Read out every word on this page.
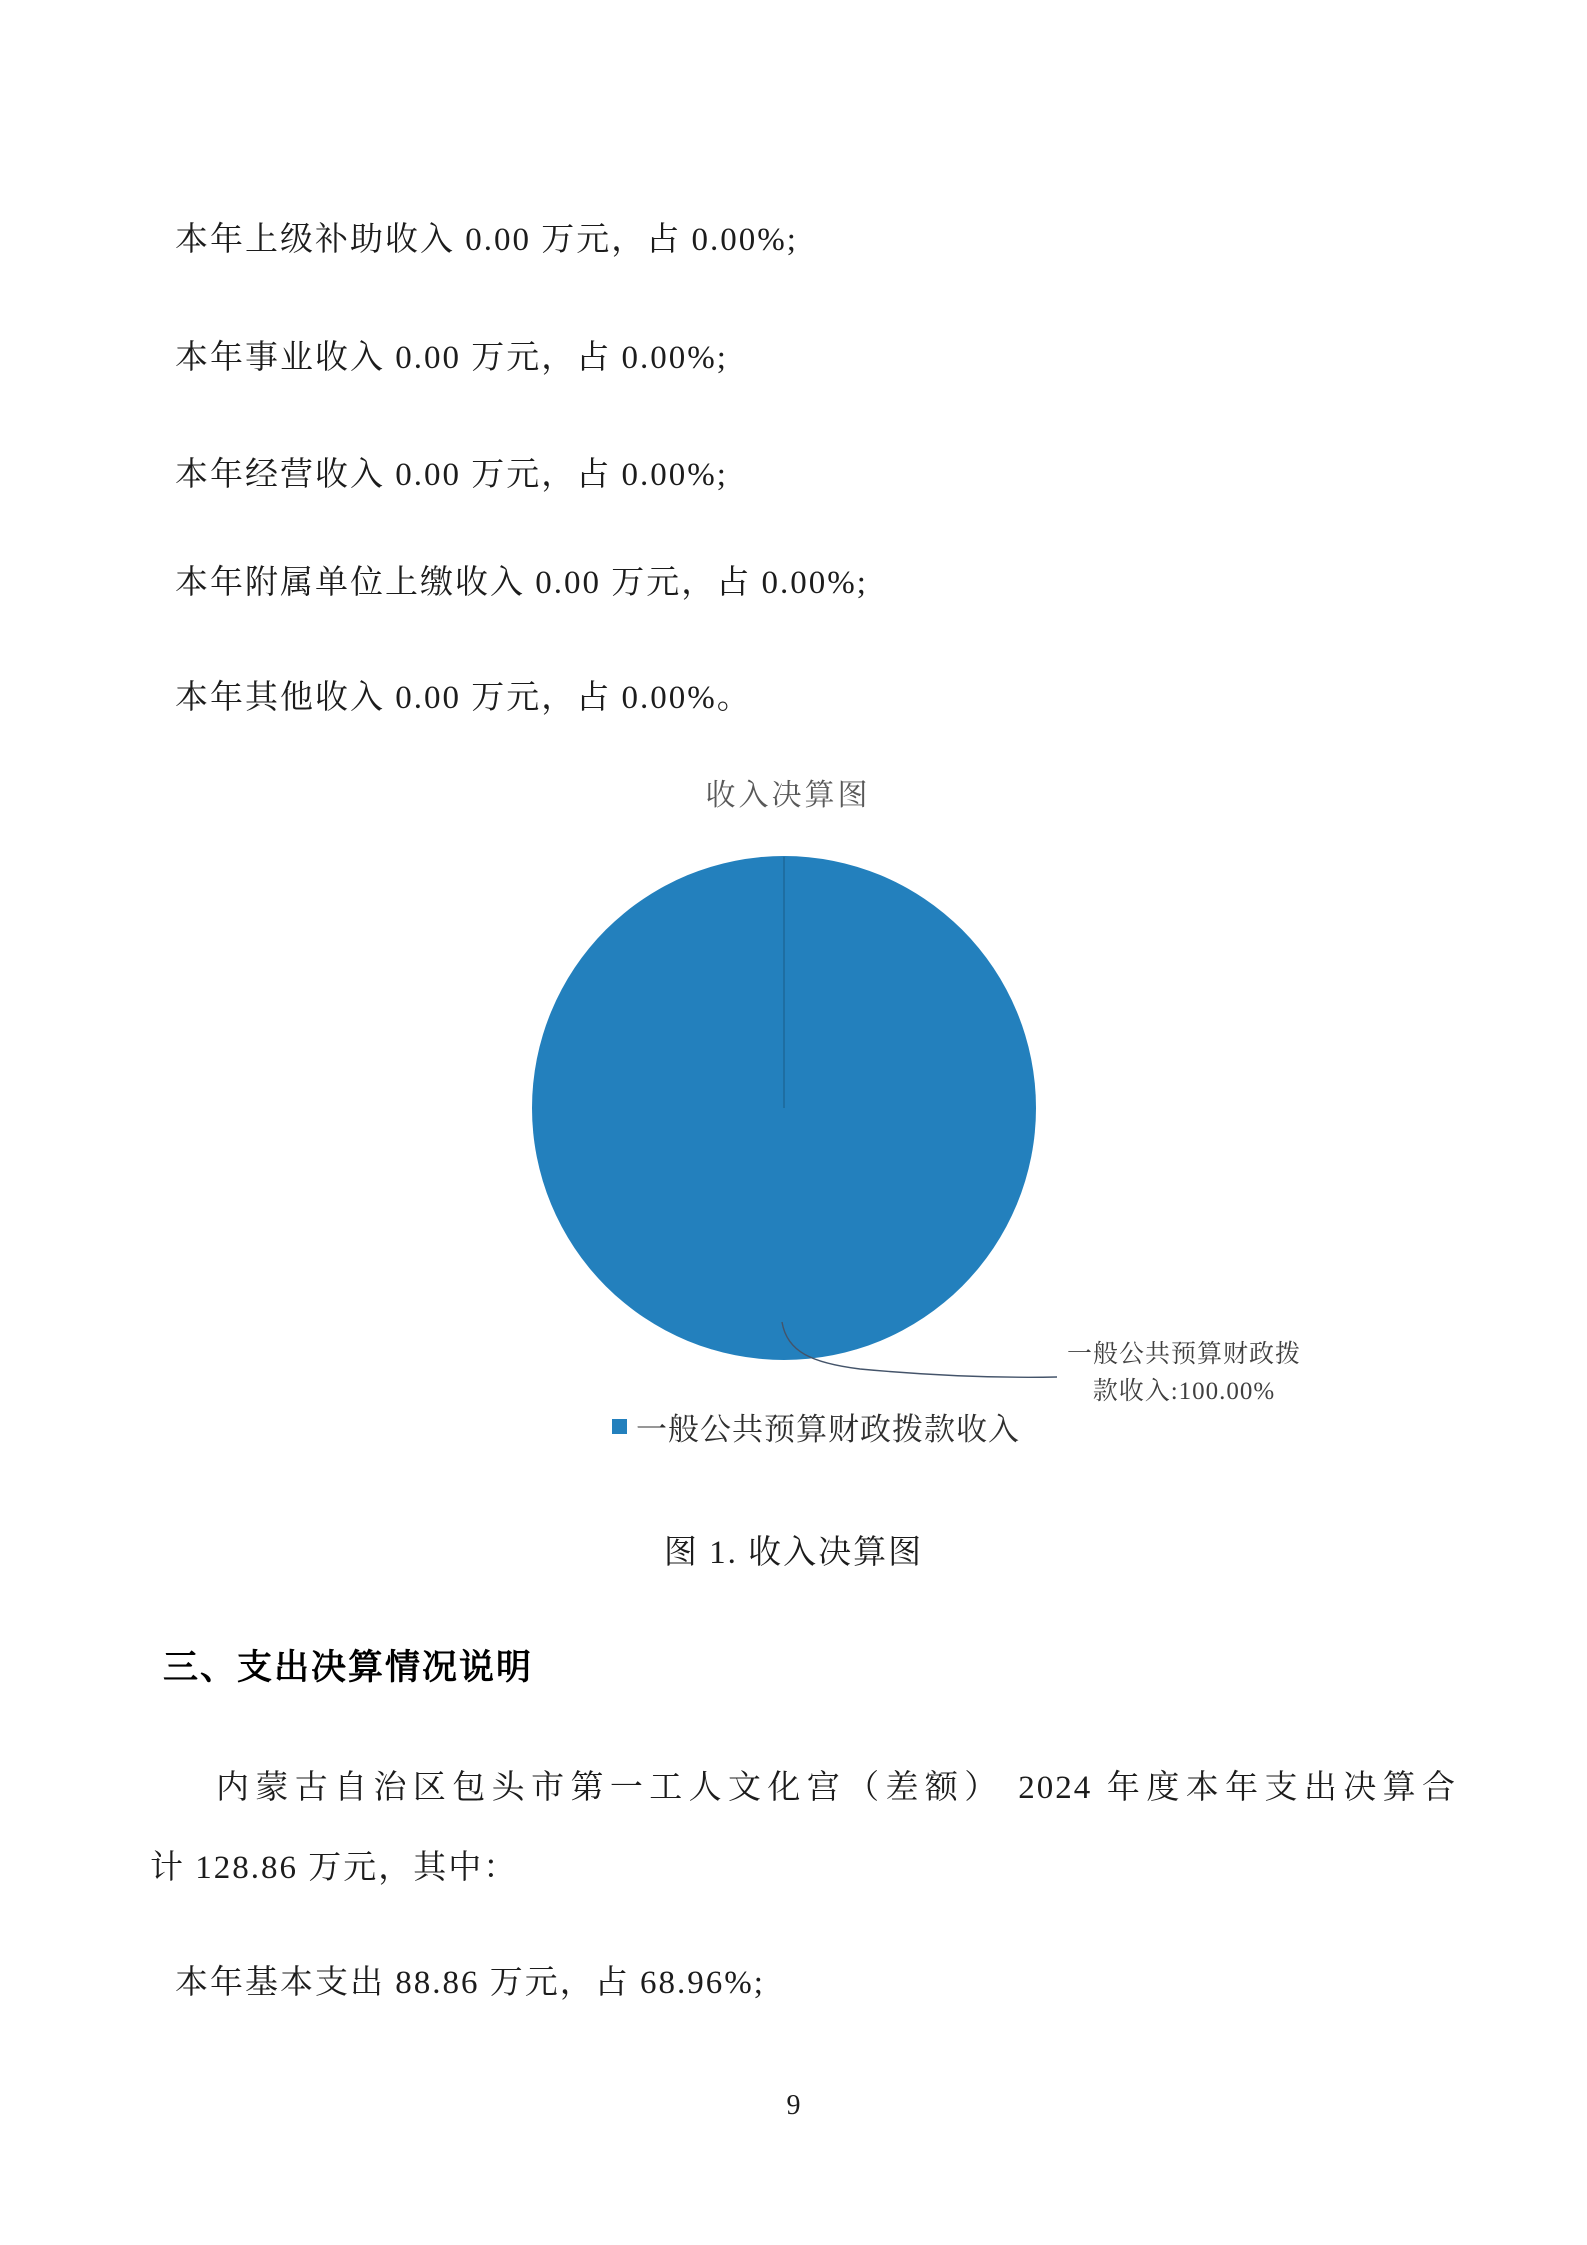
本年上级补助收入 0.00 万元，占 0.00%;
本年事业收入 0.00 万元，占 0.00%;
本年经营收入 0.00 万元，占 0.00%;
本年附属单位上缴收入 0.00 万元，占 0.00%;
本年其他收入 0.00 万元，占 0.00%。
收入决算图
一般公共预算财政拨
款收入:100.00%
一般公共预算财政拨款收入
图 1. 收入决算图
三、支出决算情况说明
内蒙古自治区包头市第一工人文化宫（差额） 2024 年度本年支出决算合
计 128.86 万元，其中：
本年基本支出 88.86 万元，占 68.96%;
9
